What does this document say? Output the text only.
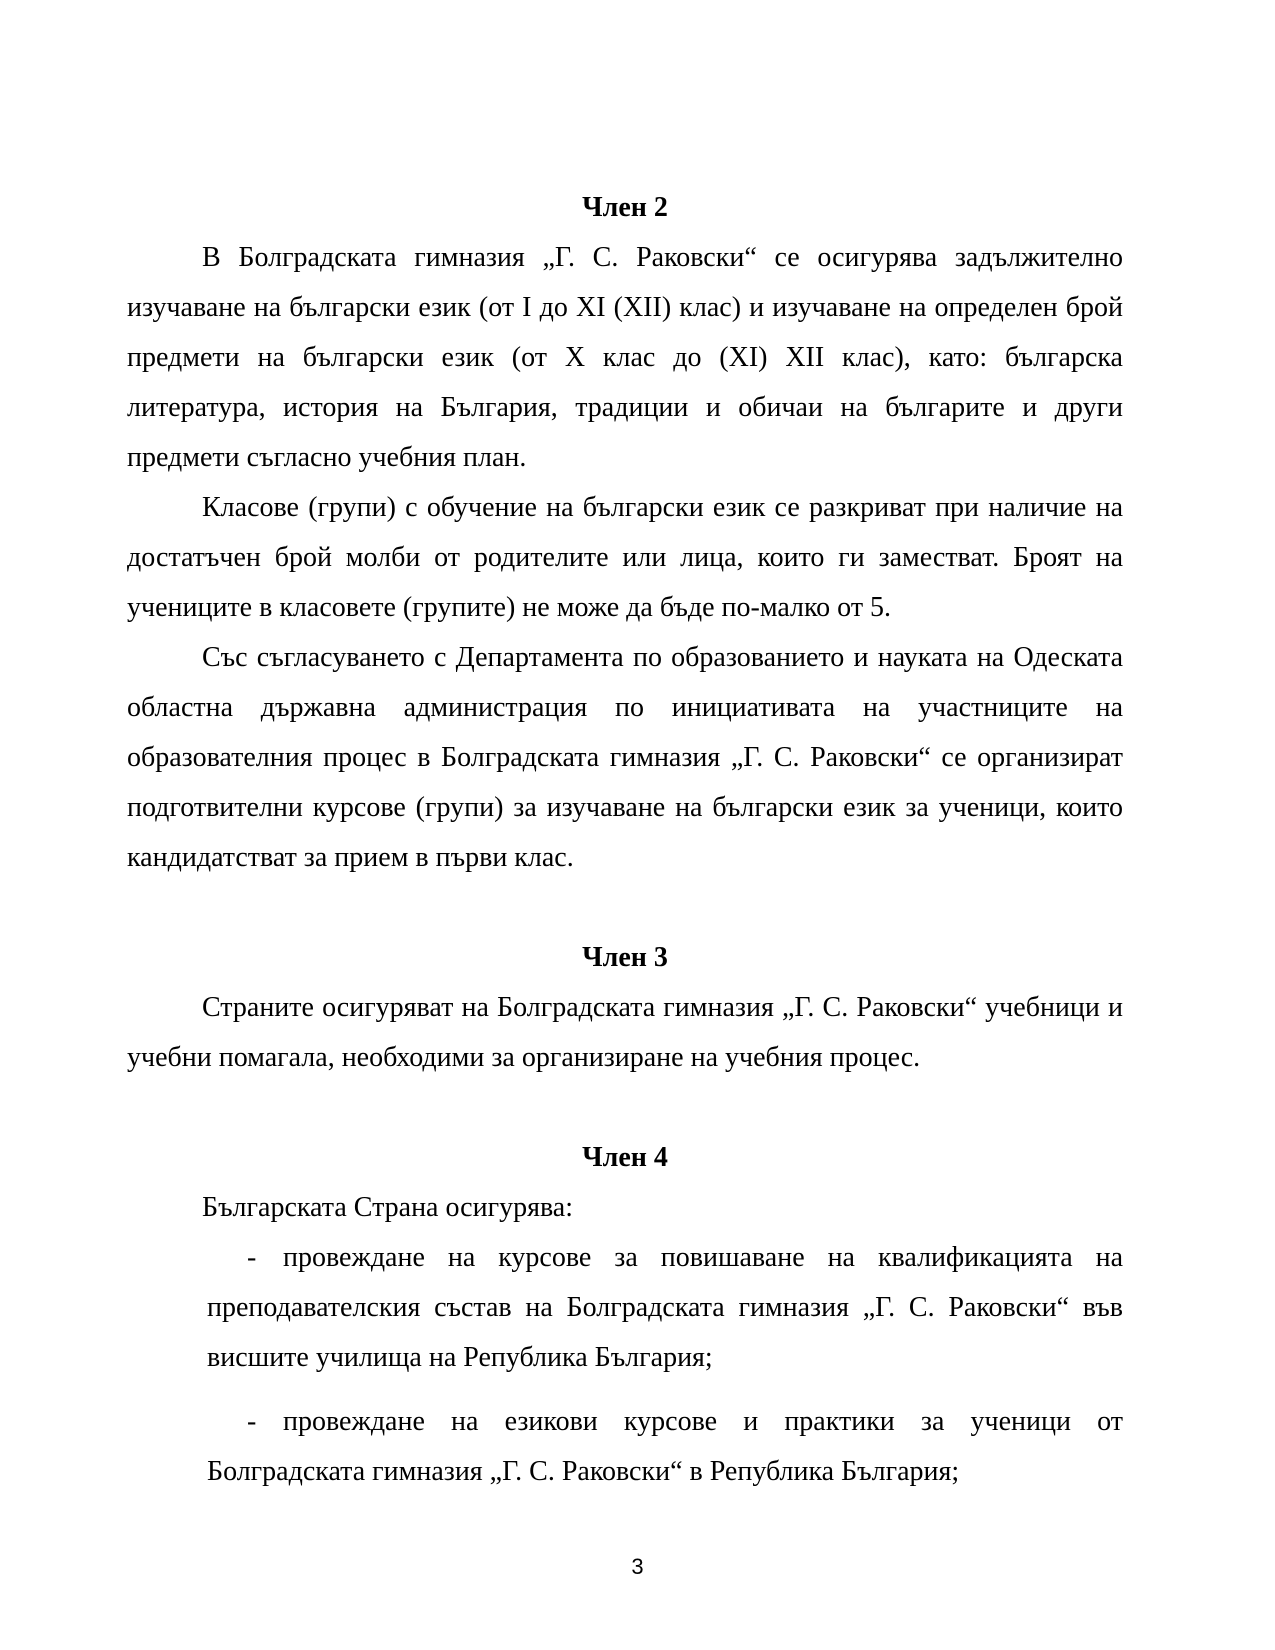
Член 2

В Болградската гимназия „Г. С. Раковски“ се осигурява задължително изучаване на български език (от I до XI (XII) клас) и изучаване на определен брой предмети на български език (от X клас до (XI) XII клас), като: българска литература, история на България, традиции и обичаи на българите и други предмети съгласно учебния план.

Класове (групи) с обучение на български език се разкриват при наличие на достатъчен брой молби от родителите или лица, които ги заместват. Броят на учениците в класовете (групите) не може да бъде по-малко от 5.

Със съгласуването с Департамента по образованието и науката на Одеската областна държавна администрация по инициативата на участниците на образователния процес в Болградската гимназия „Г. С. Раковски“ се организират подготвителни курсове (групи) за изучаване на български език за ученици, които кандидатстват за прием в първи клас.

Член 3

Страните осигуряват на Болградската гимназия „Г. С. Раковски“ учебници и учебни помагала, необходими за организиране на учебния процес.

Член 4

Българската Страна осигурява:

- провеждане на курсове за повишаване на квалификацията на преподавателския състав на Болградската гимназия „Г. С. Раковски“ във висшите училища на Република България;
- провеждане на езикови курсове и практики за ученици от Болградската гимназия „Г. С. Раковски“ в Република България;
3
